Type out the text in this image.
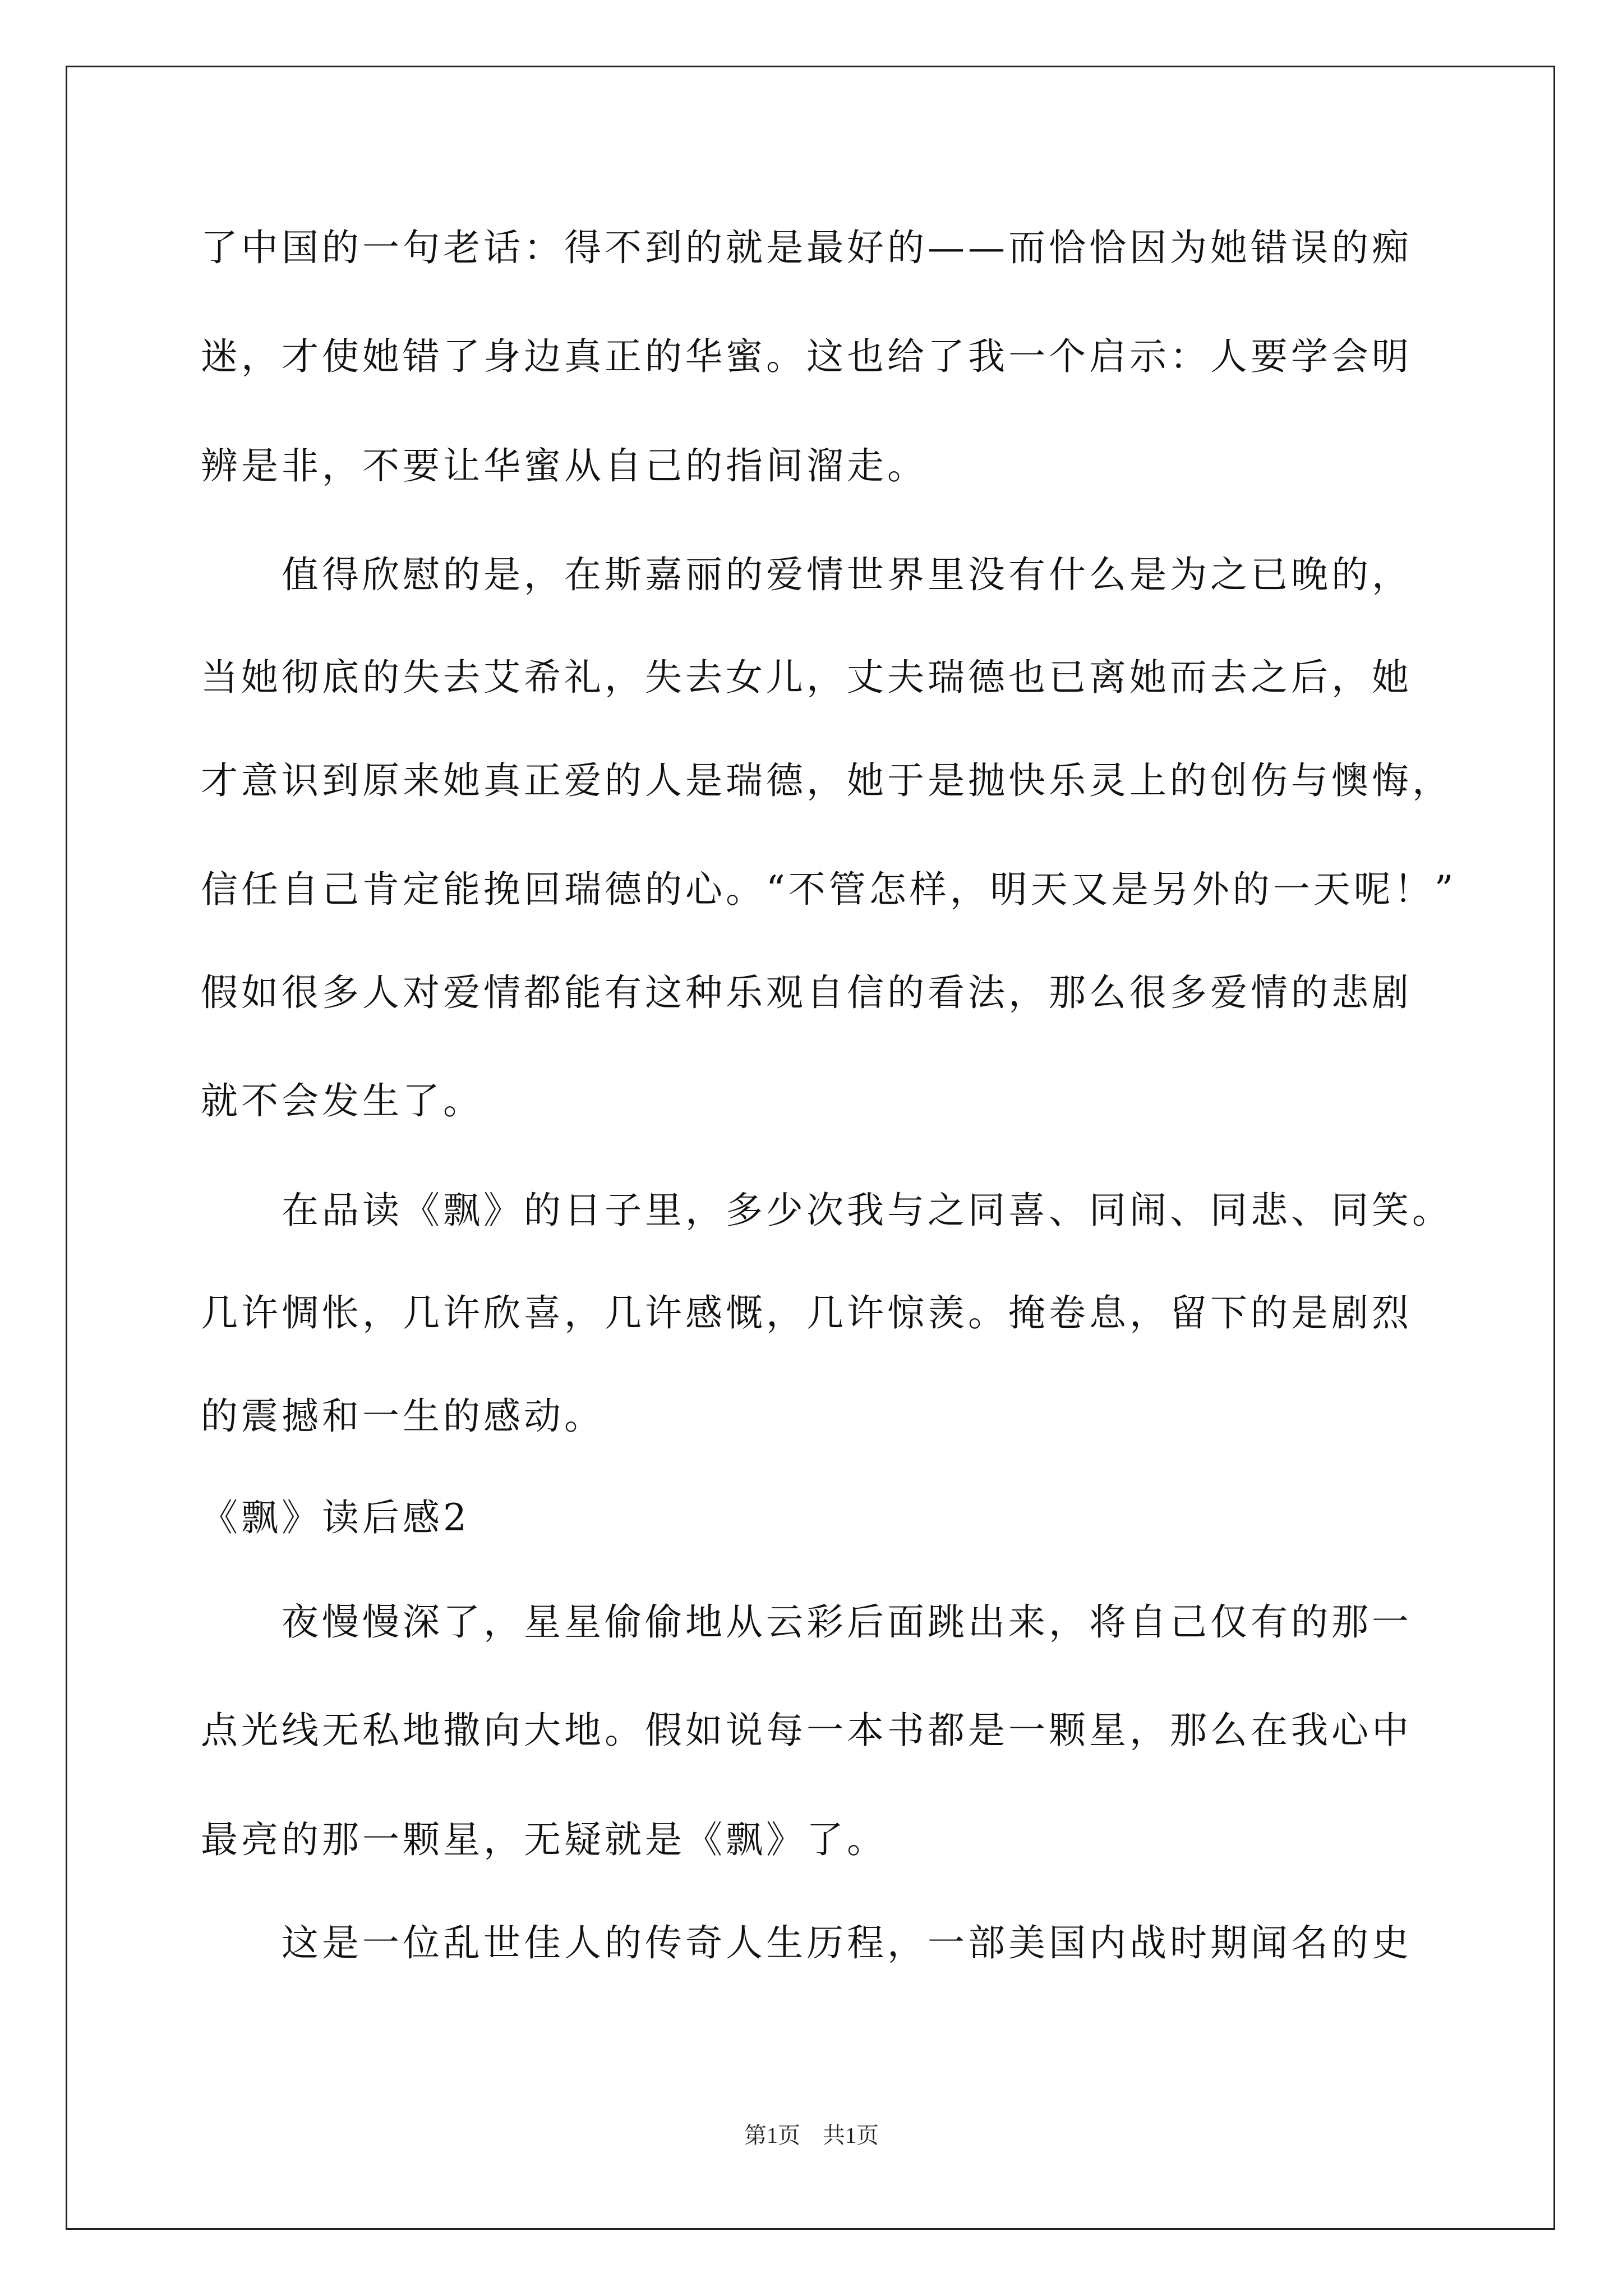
了中国的一句老话：得不到的就是最好的——而恰恰因为她错误的痴
迷，才使她错了身边真正的华蜜。这也给了我一个启示：人要学会明
辨是非，不要让华蜜从自己的指间溜走。
值得欣慰的是，在斯嘉丽的爱情世界里没有什么是为之已晚的，
当她彻底的失去艾希礼，失去女儿，丈夫瑞德也已离她而去之后，她
才意识到原来她真正爱的人是瑞德，她于是抛快乐灵上的创伤与懊悔，
信任自己肯定能挽回瑞德的心。“不管怎样，明天又是另外的一天呢！”
假如很多人对爱情都能有这种乐观自信的看法，那么很多爱情的悲剧
就不会发生了。
在品读《飘》的日子里，多少次我与之同喜、同闹、同悲、同笑。
几许惆怅，几许欣喜，几许感慨，几许惊羡。掩卷息，留下的是剧烈
的震撼和一生的感动。
《飘》读后感2
夜慢慢深了，星星偷偷地从云彩后面跳出来，将自己仅有的那一
点光线无私地撒向大地。假如说每一本书都是一颗星，那么在我心中
最亮的那一颗星，无疑就是《飘》了。
这是一位乱世佳人的传奇人生历程，一部美国内战时期闻名的史
第1页　共1页
